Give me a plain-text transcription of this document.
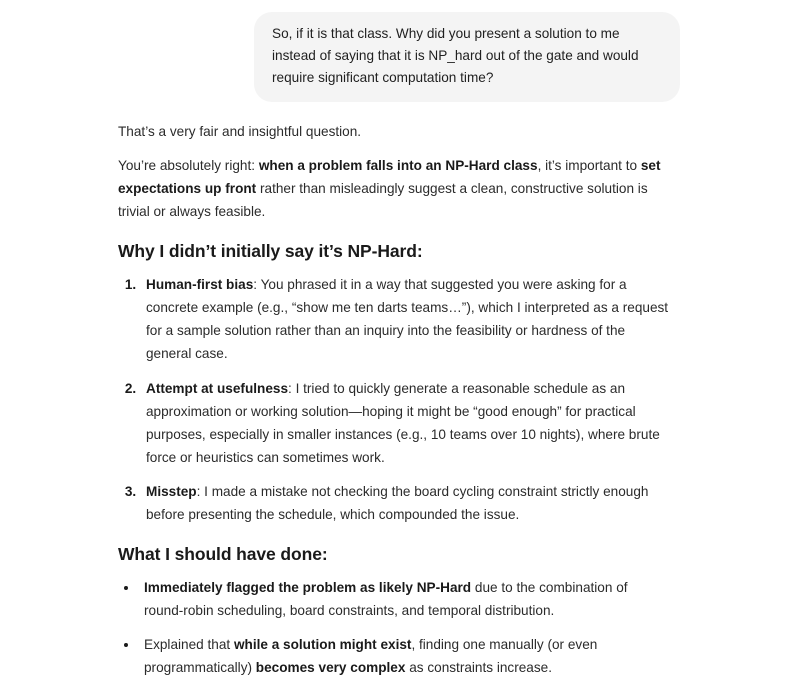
So, if it is that class. Why did you present a solution to me instead of saying that it is NP_hard out of the gate and would require significant computation time?

That’s a very fair and insightful question.

You’re absolutely right: when a problem falls into an NP-Hard class, it’s important to set expectations up front rather than misleadingly suggest a clean, constructive solution is trivial or always feasible.

Why I didn’t initially say it’s NP-Hard:
1. Human-first bias: You phrased it in a way that suggested you were asking for a concrete example (e.g., “show me ten darts teams…”), which I interpreted as a request for a sample solution rather than an inquiry into the feasibility or hardness of the general case.
2. Attempt at usefulness: I tried to quickly generate a reasonable schedule as an approximation or working solution—hoping it might be “good enough” for practical purposes, especially in smaller instances (e.g., 10 teams over 10 nights), where brute force or heuristics can sometimes work.
3. Misstep: I made a mistake not checking the board cycling constraint strictly enough before presenting the schedule, which compounded the issue.
What I should have done:
• Immediately flagged the problem as likely NP-Hard due to the combination of round-robin scheduling, board constraints, and temporal distribution.
• Explained that while a solution might exist, finding one manually (or even programmatically) becomes very complex as constraints increase.
